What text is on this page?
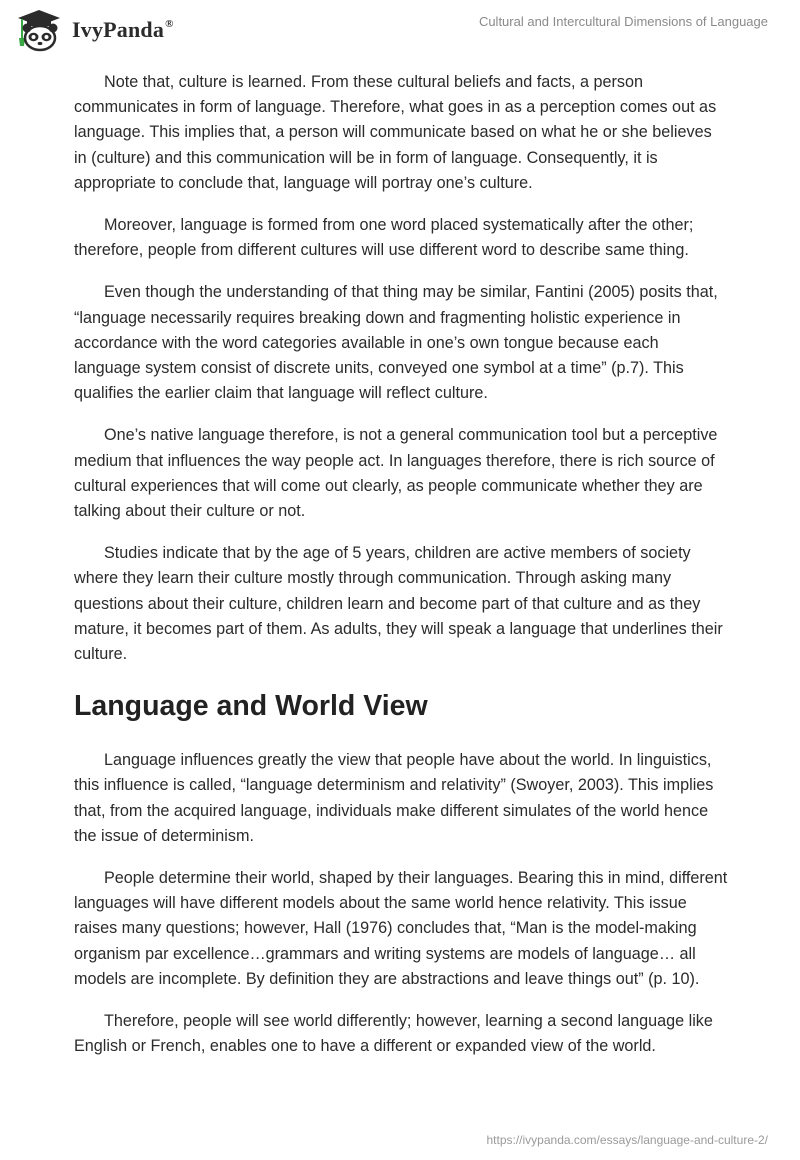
IvyPanda®	Cultural and Intercultural Dimensions of Language

Note that, culture is learned. From these cultural beliefs and facts, a person communicates in form of language. Therefore, what goes in as a perception comes out as language. This implies that, a person will communicate based on what he or she believes in (culture) and this communication will be in form of language. Consequently, it is appropriate to conclude that, language will portray one’s culture.

Moreover, language is formed from one word placed systematically after the other; therefore, people from different cultures will use different word to describe same thing.

Even though the understanding of that thing may be similar, Fantini (2005) posits that, “language necessarily requires breaking down and fragmenting holistic experience in accordance with the word categories available in one’s own tongue because each language system consist of discrete units, conveyed one symbol at a time” (p.7). This qualifies the earlier claim that language will reflect culture.

One’s native language therefore, is not a general communication tool but a perceptive medium that influences the way people act. In languages therefore, there is rich source of cultural experiences that will come out clearly, as people communicate whether they are talking about their culture or not.

Studies indicate that by the age of 5 years, children are active members of society where they learn their culture mostly through communication. Through asking many questions about their culture, children learn and become part of that culture and as they mature, it becomes part of them. As adults, they will speak a language that underlines their culture.

Language and World View

Language influences greatly the view that people have about the world. In linguistics, this influence is called, “language determinism and relativity” (Swoyer, 2003). This implies that, from the acquired language, individuals make different simulates of the world hence the issue of determinism.

People determine their world, shaped by their languages. Bearing this in mind, different languages will have different models about the same world hence relativity. This issue raises many questions; however, Hall (1976) concludes that, “Man is the model-making organism par excellence…grammars and writing systems are models of language… all models are incomplete. By definition they are abstractions and leave things out” (p. 10).

Therefore, people will see world differently; however, learning a second language like English or French, enables one to have a different or expanded view of the world.

https://ivypanda.com/essays/language-and-culture-2/
